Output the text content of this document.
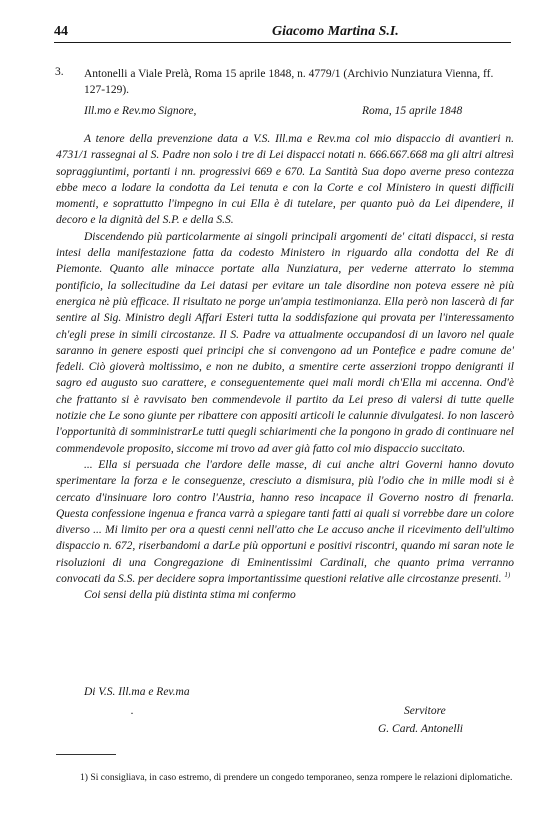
44	Giacomo Martina S.I.
3. Antonelli a Viale Prelà, Roma 15 aprile 1848, n. 4779/1 (Archivio Nunziatura Vienna, ff. 127-129).
Ill.mo e Rev.mo Signore,	Roma, 15 aprile 1848

A tenore della prevenzione data a V.S. Ill.ma e Rev.ma col mio dispaccio di avantieri n. 4731/1 rassegnai al S. Padre non solo i tre di Lei dispacci notati n. 666.667.668 ma gli altri altresì sopraggiuntimi, portanti i nn. progressivi 669 e 670. La Santità Sua dopo averne preso contezza ebbe meco a lodare la condotta da Lei tenuta e con la Corte e col Ministero in questi difficili momenti, e soprattutto l'impegno in cui Ella è di tutelare, per quanto può da Lei dipendere, il decoro e la dignità del S.P. e della S.S.

Discendendo più particolarmente ai singoli principali argomenti de' citati dispacci, si resta intesi della manifestazione fatta da codesto Ministero in riguardo alla condotta del Re di Piemonte. Quanto alle minacce portate alla Nunziatura, per vederne atterrato lo stemma pontificio, la sollecitudine da Lei datasi per evitare un tale disordine non poteva essere nè più energica nè più efficace. Il risultato ne porge un'ampia testimonianza. Ella però non lascerà di far sentire al Sig. Ministro degli Affari Esteri tutta la soddisfazione qui provata per l'interessamento ch'egli prese in simili circostanze. Il S. Padre va attualmente occupandosi di un lavoro nel quale saranno in genere esposti quei principi che si convengono ad un Pontefice e padre comune de' fedeli. Ciò gioverà moltissimo, e non ne dubito, a smentire certe asserzioni troppo denigranti il sagro ed augusto suo carattere, e conseguentemente quei mali mordi ch'Ella mi accenna. Ond'è che frattanto si è ravvisato ben commendevole il partito da Lei preso di valersi di tutte quelle notizie che Le sono giunte per ribattere con appositi articoli le calunnie divulgatesi. Io non lascerò l'opportunità di somministrarLe tutti quegli schiarimenti che la pongono in grado di continuare nel commendevole proposito, siccome mi trovo ad aver già fatto col mio dispaccio succitato.

... Ella si persuada che l'ardore delle masse, di cui anche altri Governi hanno dovuto sperimentare la forza e le conseguenze, cresciuto a dismisura, più l'odio che in mille modi si è cercato d'insinuare loro contro l'Austria, hanno reso incapace il Governo nostro di frenarla. Questa confessione ingenua e franca varrà a spiegare tanti fatti ai quali si vorrebbe dare un colore diverso ... Mi limito per ora a questi cenni nell'atto che Le accuso anche il ricevimento dell'ultimo dispaccio n. 672, riserbandomi a darLe più opportuni e positivi riscontri, quando mi saran note le risoluzioni di una Congregazione di Eminentissimi Cardinali, che quanto prima verranno convocati da S.S. per decidere sopra importantissime questioni relative alle circostanze presenti. $^{1)}$

Coi sensi della più distinta stima mi confermo

Di V.S. Ill.ma e Rev.ma
·	Servitore
G. Card. Antonelli
1) Si consigliava, in caso estremo, di prendere un congedo temporaneo, senza rompere le relazioni diplomatiche.
